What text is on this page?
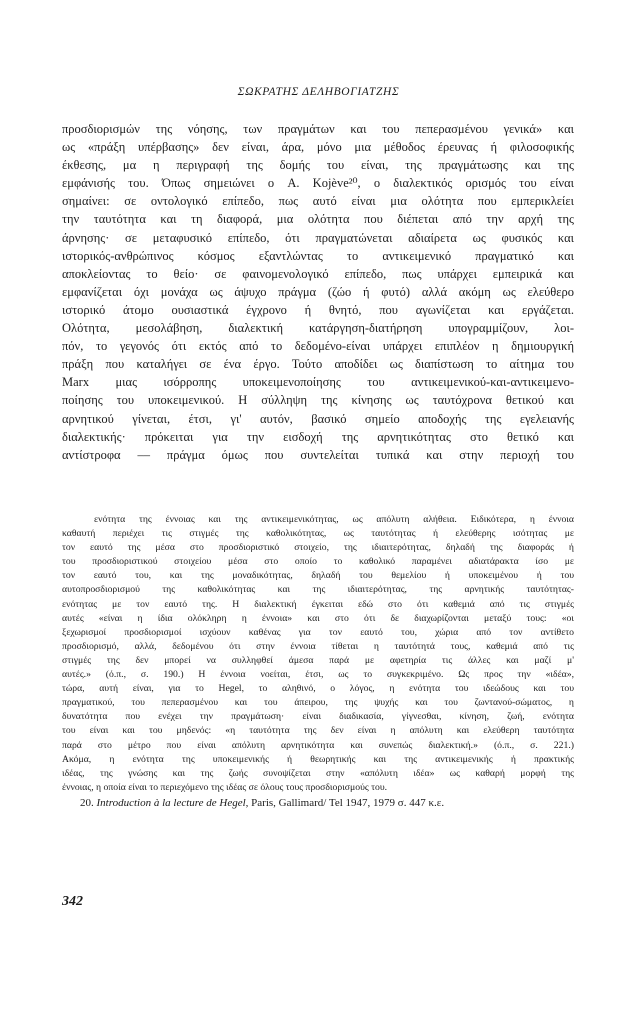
ΣΩΚΡΑΤΗΣ ΔΕΛΗΒΟΓΙΑΤΖΗΣ
προσδιορισμών της νόησης, των πραγμάτων και του πεπερασμένου γενικά» και
ως «πράξη υπέρβασης» δεν είναι, άρα, μόνο μια μέθοδος έρευνας ή φιλοσοφικής
έκθεσης, μα η περιγραφή της δομής του είναι, της πραγμάτωσης και της
εμφάνισής του. Όπως σημειώνει ο A. Kojève²⁰, ο διαλεκτικός ορισμός του είναι
σημαίνει: σε οντολογικό επίπεδο, πως αυτό είναι μια ολότητα που εμπερικλείει
την ταυτότητα και τη διαφορά, μια ολότητα που διέπεται από την αρχή της
άρνησης· σε μεταφυσικό επίπεδο, ότι πραγματώνεται αδιαίρετα ως φυσικός και
ιστορικός-ανθρώπινος κόσμος εξαντλώντας το αντικειμενικό πραγματικό και
αποκλείοντας το θείο· σε φαινομενολογικό επίπεδο, πως υπάρχει εμπειρικά και
εμφανίζεται όχι μονάχα ως άψυχο πράγμα (ζώο ή φυτό) αλλά ακόμη ως ελεύθερο
ιστορικό άτομο ουσιαστικά έγχρονο ή θνητό, που αγωνίζεται και εργάζεται.
Ολότητα, μεσολάβηση, διαλεκτική κατάργηση-διατήρηση υπογραμμίζουν, λοι-
πόν, το γεγονός ότι εκτός από το δεδομένο-είναι υπάρχει επιπλέον η δημιουργική
πράξη που καταλήγει σε ένα έργο. Τούτο αποδίδει ως διαπίστωση το αίτημα του
Marx μιας ισόρροπης υποκειμενοποίησης του αντικειμενικού-και-αντικειμενο-
ποίησης του υποκειμενικού. Η σύλληψη της κίνησης ως ταυτόχρονα θετικού και
αρνητικού γίνεται, έτσι, γι' αυτόν, βασικό σημείο αποδοχής της εγελειανής
διαλεκτικής· πρόκειται για την εισδοχή της αρνητικότητας στο θετικό και
αντίστροφα –– πράγμα όμως που συντελείται τυπικά και στην περιοχή του
ενότητα της έννοιας και της αντικειμενικότητας, ως απόλυτη αλήθεια. Ειδικότερα, η έννοια
καθαυτή περιέχει τις στιγμές της καθολικότητας, ως ταυτότητας ή ελεύθερης ισότητας με
τον εαυτό της μέσα στο προσδιοριστικό στοιχείο, της ιδιαιτερότητας, δηλαδή της διαφοράς ή
του προσδιοριστικού στοιχείου μέσα στο οποίο το καθολικό παραμένει αδιατάρακτα ίσο με
τον εαυτό του, και της μοναδικότητας, δηλαδή του θεμελίου ή υποκειμένου ή του
αυτοπροσδιορισμού της καθολικότητας και της ιδιαιτερότητας, της αρνητικής ταυτότητας-
ενότητας με τον εαυτό της. Η διαλεκτική έγκειται εδώ στο ότι καθεμιά από τις στιγμές
αυτές «είναι η ίδια ολόκληρη η έννοια» και στο ότι δε διαχωρίζονται μεταξύ τους: «οι
ξεχωρισμοί προσδιορισμοί ισχύουν καθένας για τον εαυτό του, χώρια από τον αντίθετο
προσδιορισμό, αλλά, δεδομένου ότι στην έννοια τίθεται η ταυτότητά τους, καθεμιά από τις
στιγμές της δεν μπορεί να συλληφθεί άμεσα παρά με αφετηρία τις άλλες και μαζί μ'
αυτές.» (ό.π., σ. 190.) Η έννοια νοείται, έτσι, ως το συγκεκριμένο. Ως προς την «ιδέα»,
τώρα, αυτή είναι, για το Hegel, το αληθινό, ο λόγος, η ενότητα του ιδεώδους και του
πραγματικού, του πεπερασμένου και του άπειρου, της ψυχής και του ζωντανού-σώματος, η
δυνατότητα που ενέχει την πραγμάτωση· είναι διαδικασία, γίγνεσθαι, κίνηση, ζωή, ενότητα
του είναι και του μηδενός: «η ταυτότητα της δεν είναι η απόλυτη και ελεύθερη ταυτότητα
παρά στο μέτρο που είναι απόλυτη αρνητικότητα και συνεπώς διαλεκτική.» (ό.π., σ. 221.)
Ακόμα, η ενότητα της υποκειμενικής ή θεωρητικής και της αντικειμενικής ή πρακτικής
ιδέας, της γνώσης και της ζωής συνοψίζεται στην «απόλυτη ιδέα» ως καθαρή μορφή της
έννοιας, η οποία είναι το περιεχόμενο της ιδέας σε όλους τους προσδιορισμούς του.
20. Introduction à la lecture de Hegel, Paris, Gallimard/ Tel 1947, 1979 σ. 447 κ.ε.
342
